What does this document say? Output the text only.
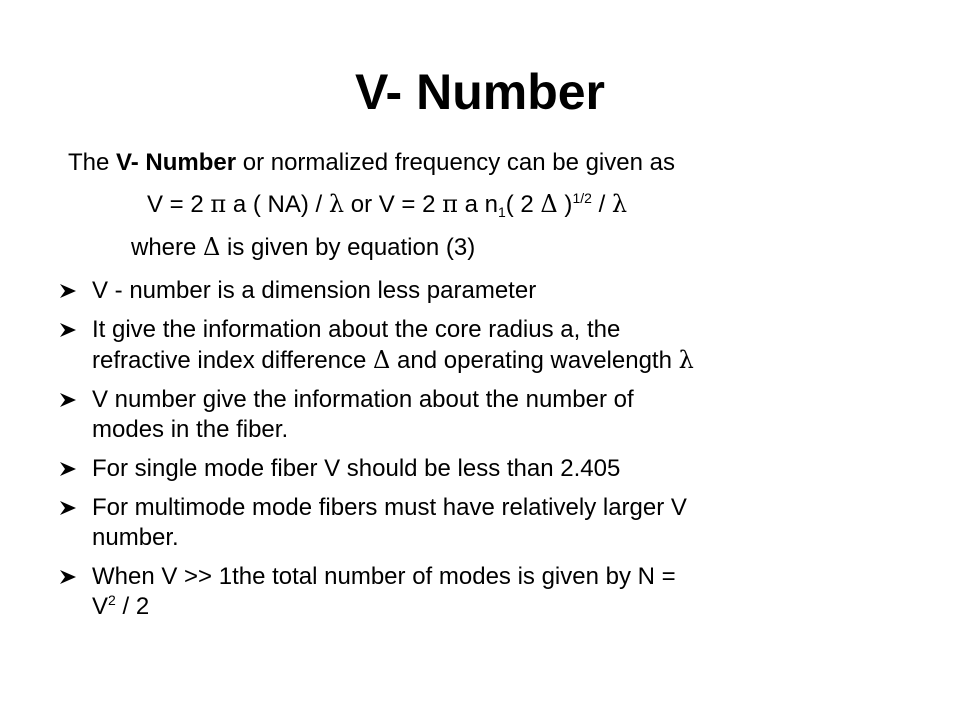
V- Number
The V- Number or normalized frequency can be given as
V = 2 π a ( NA) / λ or V = 2 π a $n_1$( 2 Δ )$^{1/2}$ / λ
where Δ is given by equation (3)
V - number is a dimension less parameter
It give the information about the core radius a, the
refractive index difference Δ and operating wavelength λ
V number give the information about the number of
modes in the fiber.
For single mode fiber V should be less than 2.405
For multimode mode fibers must have relatively larger V
number.
When V >> 1the total number of modes is given by N =
$V^2 / 2$
